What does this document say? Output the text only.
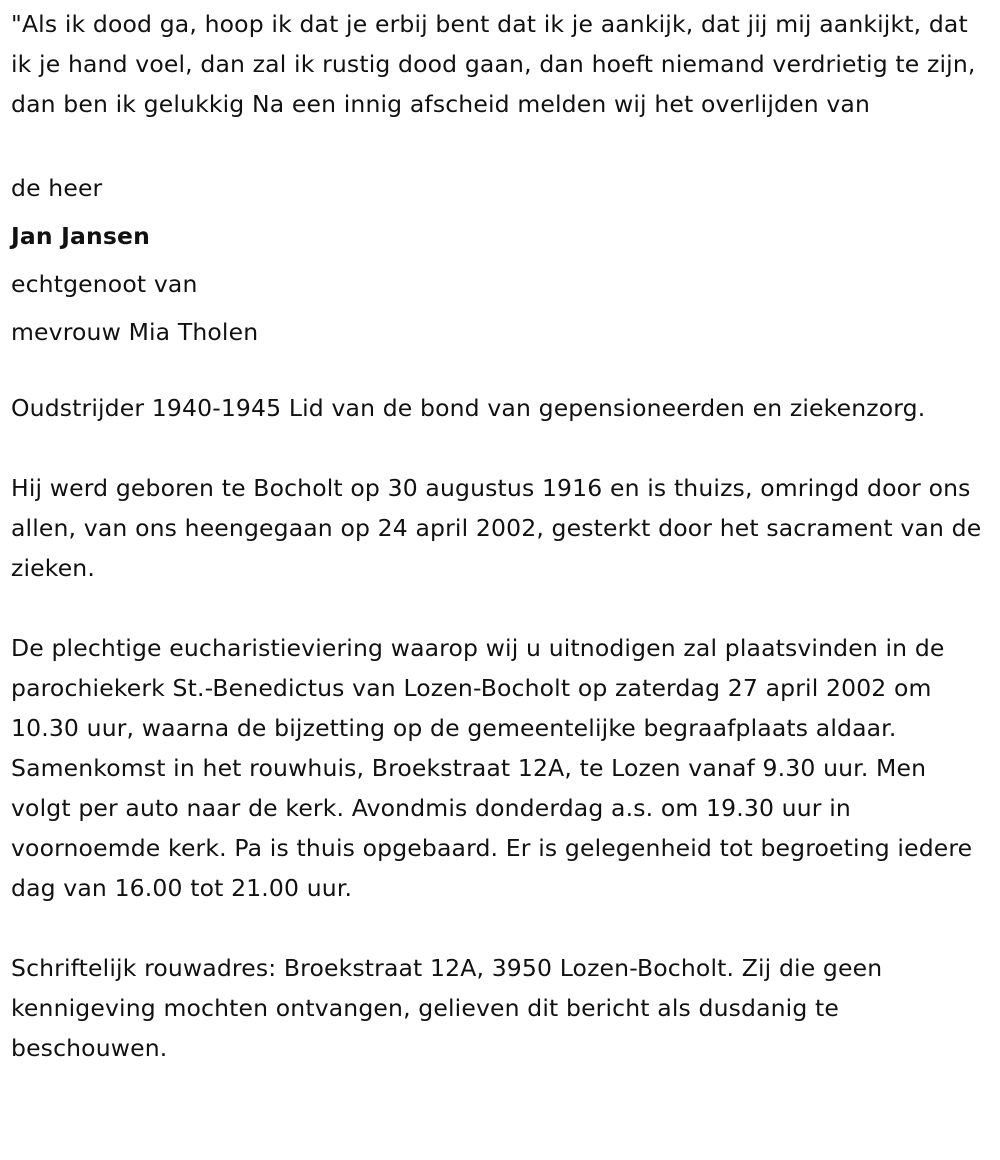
"Als ik dood ga, hoop ik dat je erbij bent dat ik je aankijk, dat jij mij aankijkt, dat ik je hand voel, dan zal ik rustig dood gaan, dan hoeft niemand verdrietig te zijn, dan ben ik gelukkig Na een innig afscheid melden wij het overlijden van

de heer
Jan Jansen
echtgenoot van
mevrouw Mia Tholen

Oudstrijder 1940-1945 Lid van de bond van gepensioneerden en ziekenzorg.

Hij werd geboren te Bocholt op 30 augustus 1916 en is thuizs, omringd door ons allen, van ons heengegaan op 24 april 2002, gesterkt door het sacrament van de zieken.

De plechtige eucharistieviering waarop wij u uitnodigen zal plaatsvinden in de parochiekerk St.-Benedictus van Lozen-Bocholt op zaterdag 27 april 2002 om 10.30 uur, waarna de bijzetting op de gemeentelijke begraafplaats aldaar. Samenkomst in het rouwhuis, Broekstraat 12A, te Lozen vanaf 9.30 uur. Men volgt per auto naar de kerk. Avondmis donderdag a.s. om 19.30 uur in voornoemde kerk. Pa is thuis opgebaard. Er is gelegenheid tot begroeting iedere dag van 16.00 tot 21.00 uur.

Schriftelijk rouwadres: Broekstraat 12A, 3950 Lozen-Bocholt. Zij die geen kennigeving mochten ontvangen, gelieven dit bericht als dusdanig te beschouwen.
